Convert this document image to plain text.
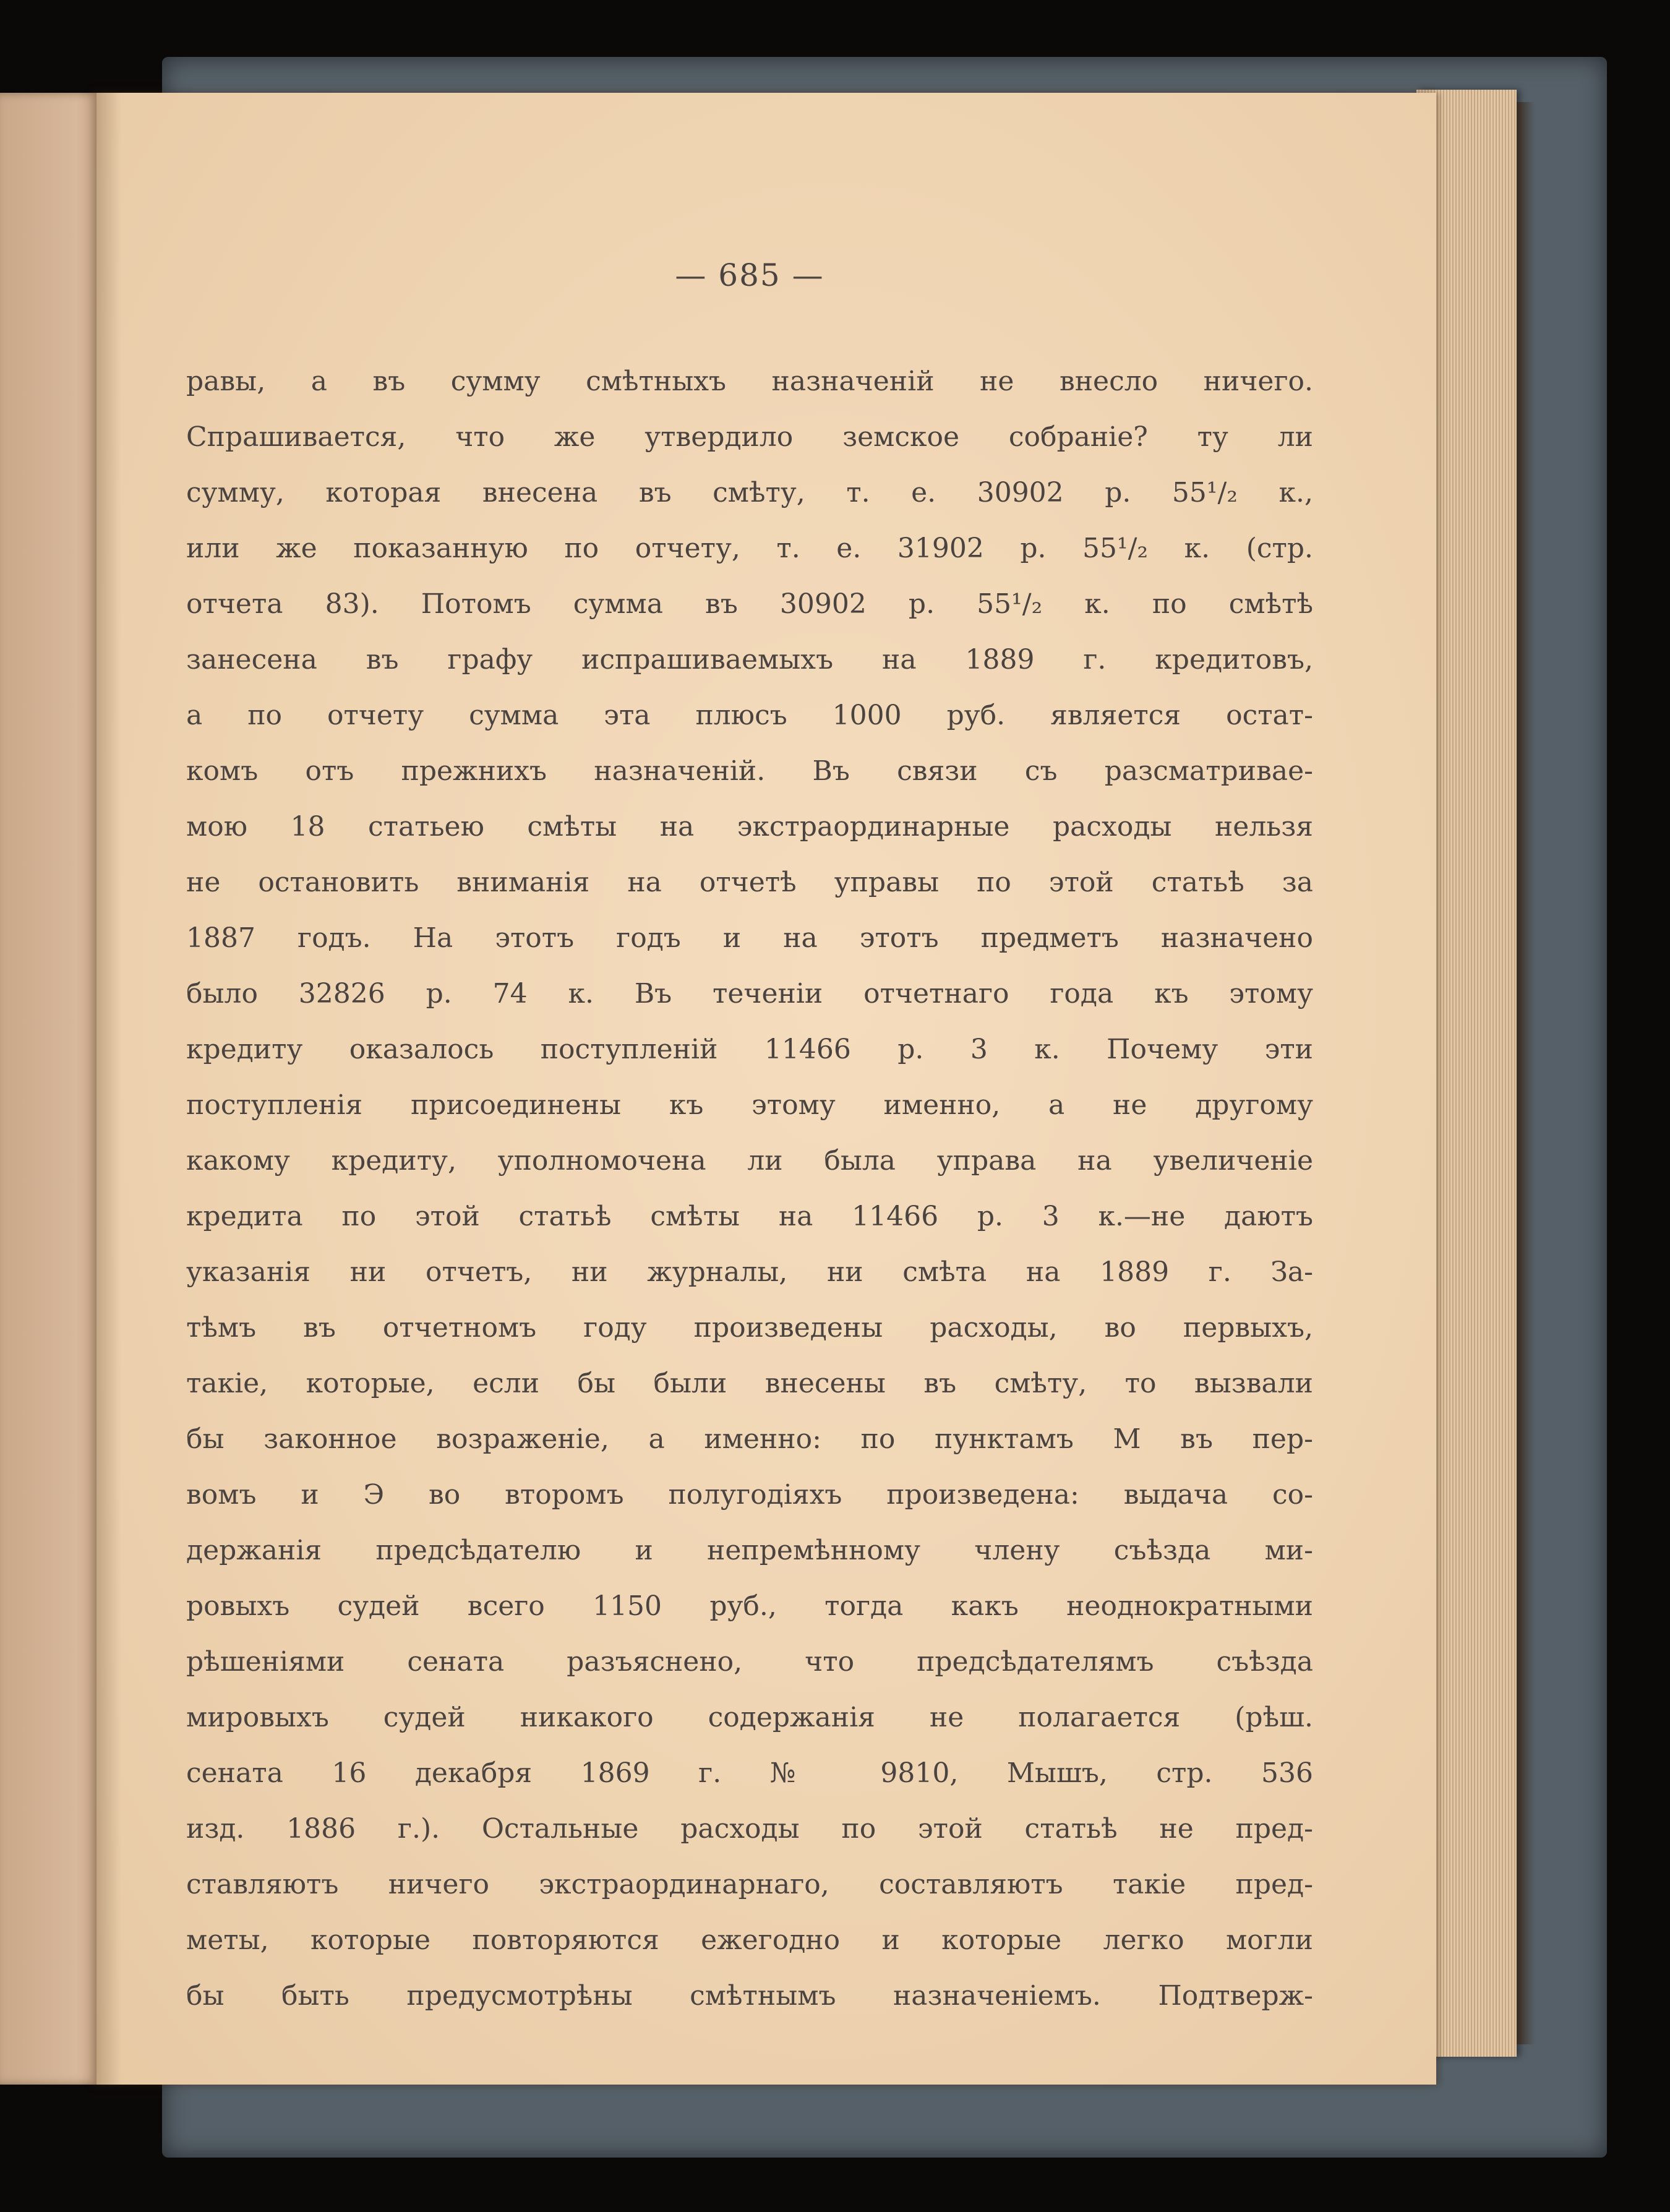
— 685 —
равы, а въ сумму смѣтныхъ назначеній не внесло ничего.
Спрашивается, что же утвердило земское собраніе? ту ли
сумму, которая внесена въ смѣту, т. е. 30902 р. 55¹/₂ к.,
или же показанную по отчету, т. е. 31902 р. 55¹/₂ к. (стр.
отчета 83). Потомъ сумма въ 30902 р. 55¹/₂ к. по смѣтѣ
занесена въ графу испрашиваемыхъ на 1889 г. кредитовъ,
а по отчету сумма эта плюсъ 1000 руб. является остат-
комъ отъ прежнихъ назначеній. Въ связи съ разсматривае-
мою 18 статьею смѣты на экстраординарные расходы нельзя
не остановить вниманія на отчетѣ управы по этой статьѣ за
1887 годъ. На этотъ годъ и на этотъ предметъ назначено
было 32826 р. 74 к. Въ теченіи отчетнаго года къ этому
кредиту оказалось поступленій 11466 р. 3 к. Почему эти
поступленія присоединены къ этому именно, а не другому
какому кредиту, уполномочена ли была управа на увеличеніе
кредита по этой статьѣ смѣты на 11466 р. 3 к.—не даютъ
указанія ни отчетъ, ни журналы, ни смѣта на 1889 г. За-
тѣмъ въ отчетномъ году произведены расходы, во первыхъ,
такіе, которые, если бы были внесены въ смѣту, то вызвали
бы законное возраженіе, а именно: по пунктамъ М въ пер-
вомъ и Э во второмъ полугодіяхъ произведена: выдача со-
держанія предсѣдателю и непремѣнному члену съѣзда ми-
ровыхъ судей всего 1150 руб., тогда какъ неоднократными
рѣшеніями сената разъяснено, что предсѣдателямъ съѣзда
мировыхъ судей никакого содержанія не полагается (рѣш.
сената 16 декабря 1869 г. № 9810, Мышъ, стр. 536
изд. 1886 г.). Остальные расходы по этой статьѣ не пред-
ставляютъ ничего экстраординарнаго, составляютъ такіе пред-
меты, которые повторяются ежегодно и которые легко могли
бы быть предусмотрѣны смѣтнымъ назначеніемъ. Подтверж-
